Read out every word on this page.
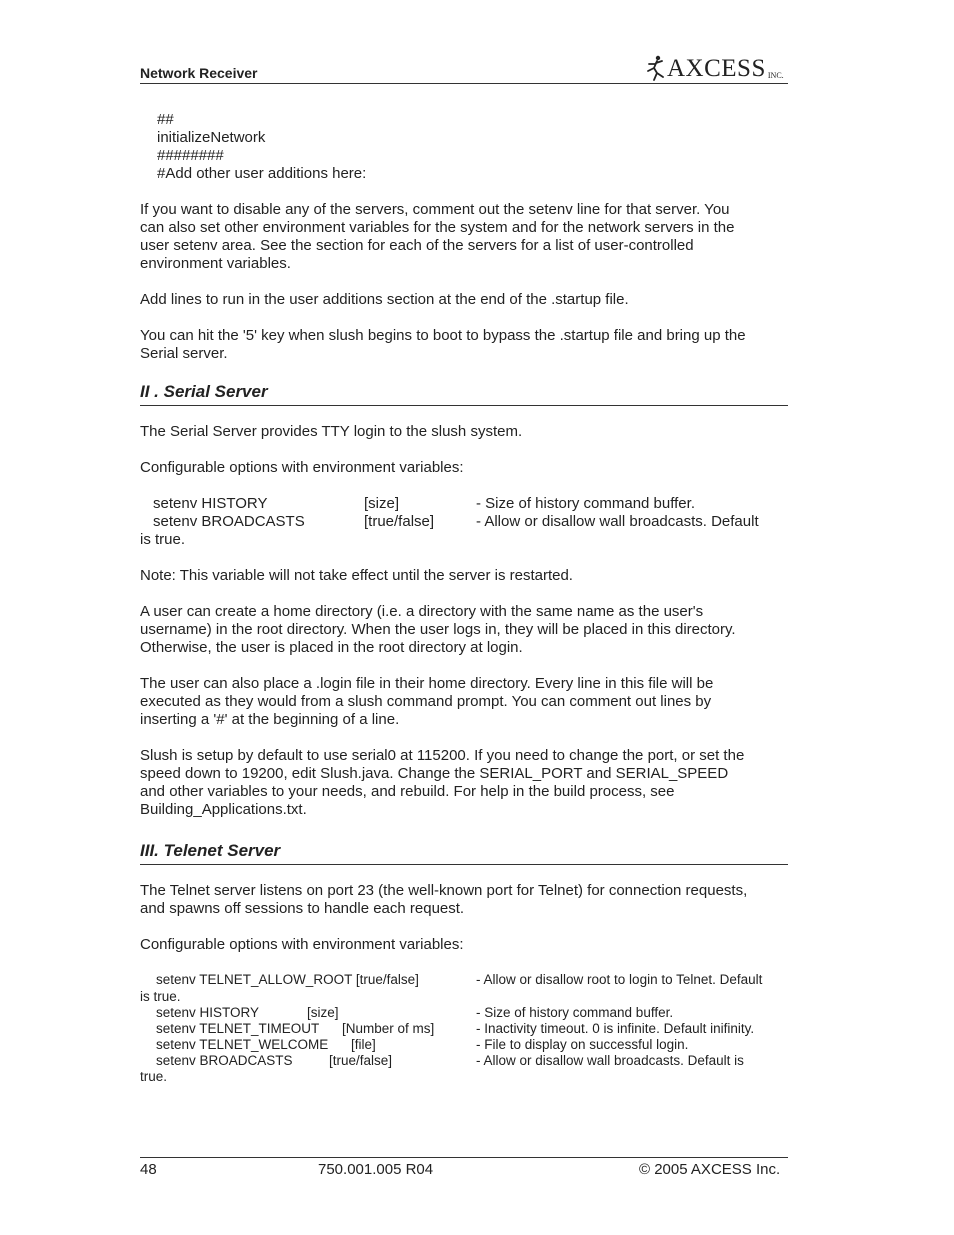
Network Receiver	AXCESS INC.
##
initializeNetwork
########
#Add other user additions here:
If you want to disable any of the servers, comment out the setenv line for that server. You
can also set other environment variables for the system and for the network servers in the
user setenv area. See the section for each of the servers for a list of user-controlled
environment variables.
Add lines to run in the user additions section at the end of the .startup file.
You can hit the '5' key when slush begins to boot to bypass the .startup file and bring up the
Serial server.
II . Serial Server
The Serial Server provides TTY login to the slush system.
Configurable options with environment variables:
setenv HISTORY	[size]	- Size of history command buffer.
setenv BROADCASTS	[true/false]	- Allow or disallow wall broadcasts. Default
is true.
Note: This variable will not take effect until the server is restarted.
A user can create a home directory (i.e. a directory with the same name as the user's
username) in the root directory. When the user logs in, they will be placed in this directory.
Otherwise, the user is placed in the root directory at login.
The user can also place a .login file in their home directory. Every line in this file will be
executed as they would from a slush command prompt. You can comment out lines by
inserting a '#' at the beginning of a line.
Slush is setup by default to use serial0 at 115200. If you need to change the port, or set the
speed down to 19200, edit Slush.java. Change the SERIAL_PORT and SERIAL_SPEED
and other variables to your needs, and rebuild. For help in the build process, see
Building_Applications.txt.
III. Telenet Server
The Telnet server listens on port 23 (the well-known port for Telnet) for connection requests,
and spawns off sessions to handle each request.
Configurable options with environment variables:
setenv TELNET_ALLOW_ROOT [true/false]	- Allow or disallow root to login to Telnet. Default
is true.
setenv HISTORY	[size]	- Size of history command buffer.
setenv TELNET_TIMEOUT [Number of ms]	- Inactivity timeout. 0 is infinite. Default inifinity.
setenv TELNET_WELCOME [file]	- File to display on successful login.
setenv BROADCASTS	[true/false]	- Allow or disallow wall broadcasts. Default is
true.
48	750.001.005 R04	© 2005 AXCESS Inc.
